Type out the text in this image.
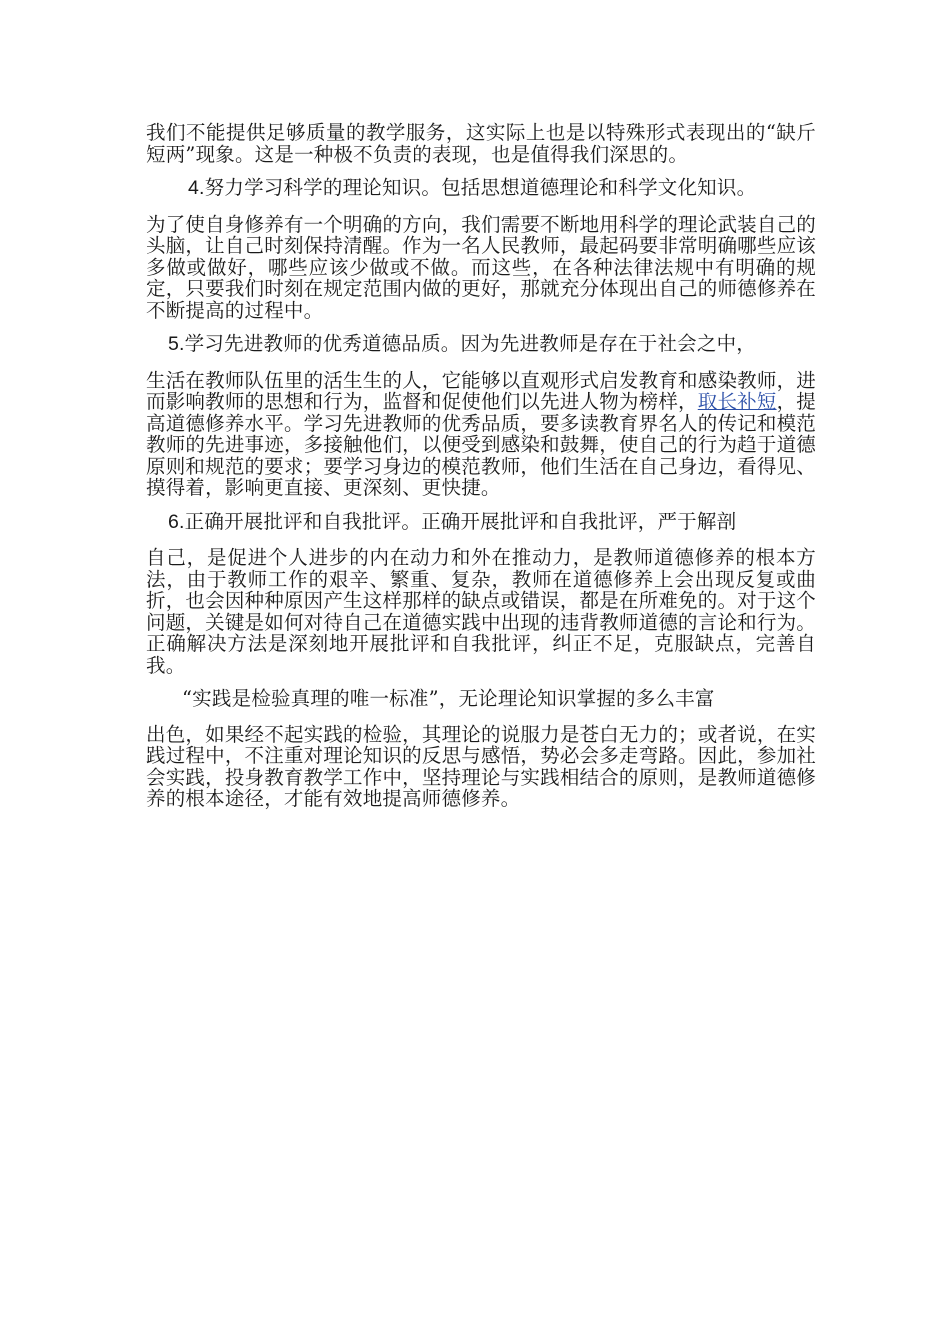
我们不能提供足够质量的教学服务，这实际上也是以特殊形式表现出的“缺斤短两”现象。这是一种极不负责的表现，也是值得我们深思的。

4.努力学习科学的理论知识。包括思想道德理论和科学文化知识。

为了使自身修养有一个明确的方向，我们需要不断地用科学的理论武装自己的头脑，让自己时刻保持清醒。作为一名人民教师，最起码要非常明确哪些应该多做或做好，哪些应该少做或不做。而这些，在各种法律法规中有明确的规定，只要我们时刻在规定范围内做的更好，那就充分体现出自己的师德修养在不断提高的过程中。

5.学习先进教师的优秀道德品质。因为先进教师是存在于社会之中，

生活在教师队伍里的活生生的人，它能够以直观形式启发教育和感染教师，进而影响教师的思想和行为，监督和促使他们以先进人物为榜样，取长补短，提高道德修养水平。学习先进教师的优秀品质，要多读教育界名人的传记和模范教师的先进事迹，多接触他们，以便受到感染和鼓舞，使自己的行为趋于道德原则和规范的要求；要学习身边的模范教师，他们生活在自己身边，看得见、摸得着，影响更直接、更深刻、更快捷。

6.正确开展批评和自我批评。正确开展批评和自我批评，严于解剖

自己，是促进个人进步的内在动力和外在推动力，是教师道德修养的根本方法，由于教师工作的艰辛、繁重、复杂，教师在道德修养上会出现反复或曲折，也会因种种原因产生这样那样的缺点或错误，都是在所难免的。对于这个问题，关键是如何对待自己在道德实践中出现的违背教师道德的言论和行为。正确解决方法是深刻地开展批评和自我批评，纠正不足，克服缺点，完善自我。

“实践是检验真理的唯一标准”，无论理论知识掌握的多么丰富

出色，如果经不起实践的检验，其理论的说服力是苍白无力的；或者说，在实践过程中，不注重对理论知识的反思与感悟，势必会多走弯路。因此，参加社会实践，投身教育教学工作中，坚持理论与实践相结合的原则，是教师道德修养的根本途径，才能有效地提高师德修养。
